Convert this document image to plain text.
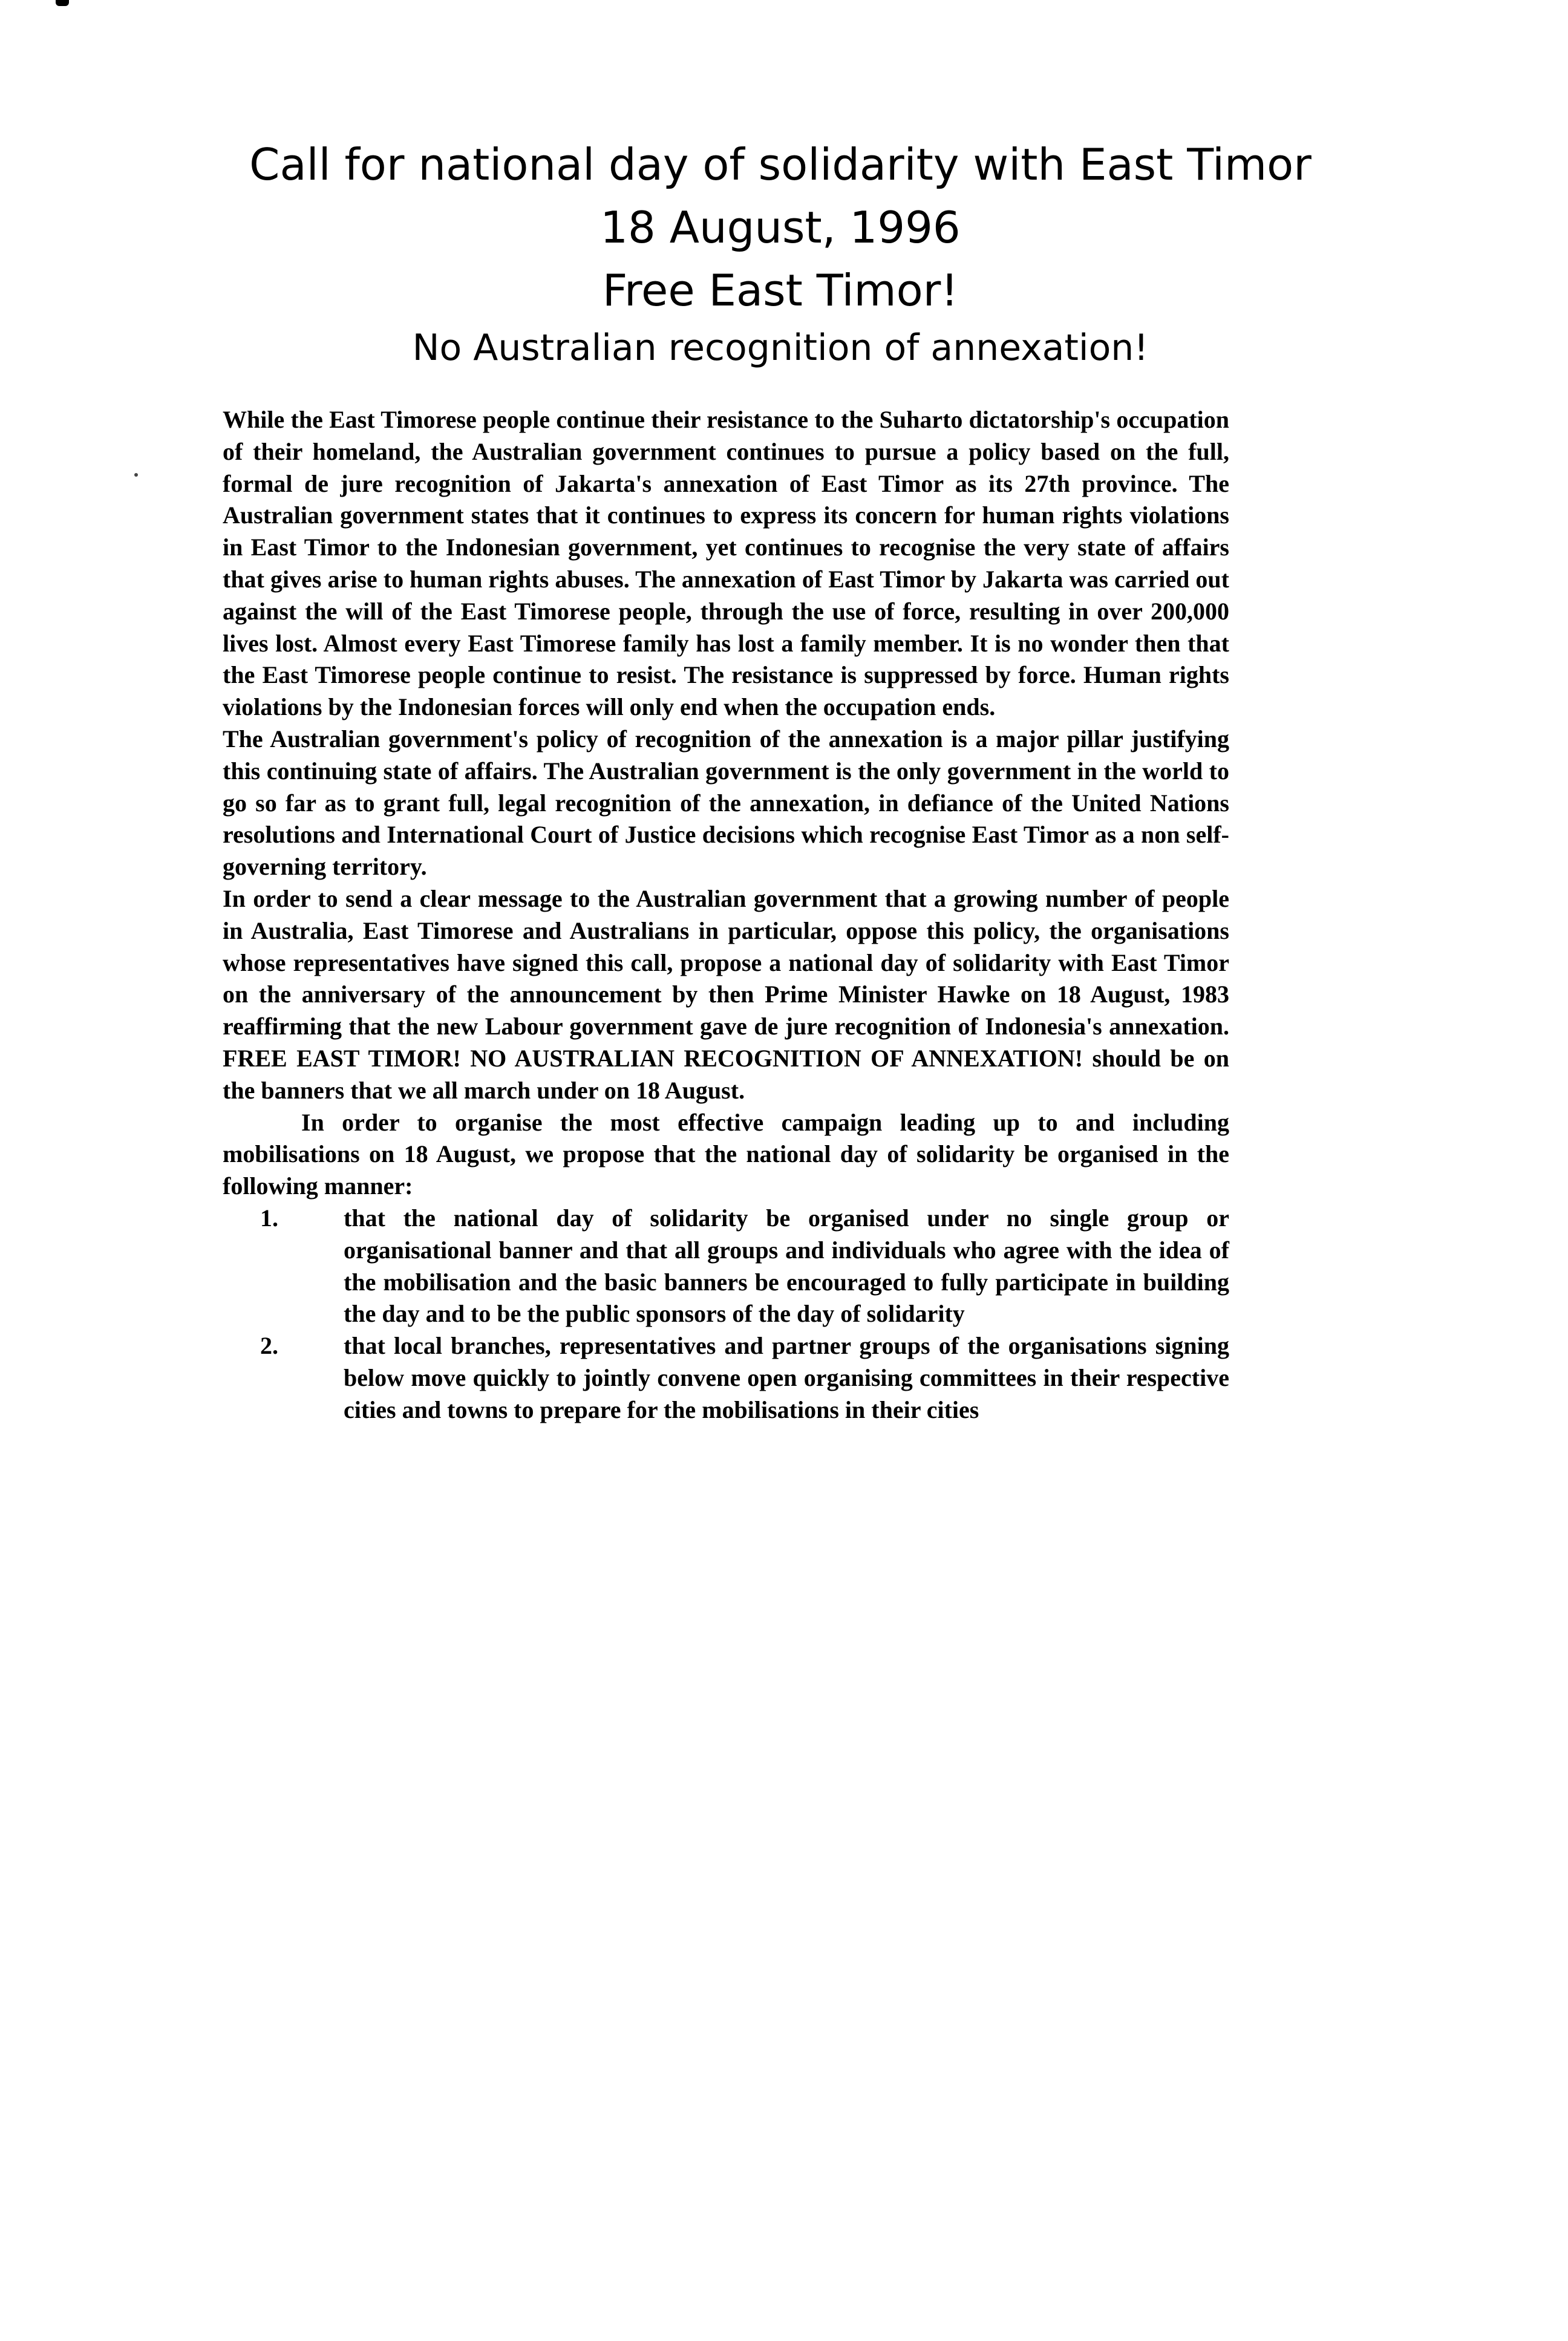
Call for national day of solidarity with East Timor
18 August, 1996
Free East Timor!
No Australian recognition of annexation!

While the East Timorese people continue their resistance to the Suharto dictatorship's occupation of their homeland, the Australian government continues to pursue a policy based on the full, formal de jure recognition of Jakarta's annexation of East Timor as its 27th province. The Australian government states that it continues to express its concern for human rights violations in East Timor to the Indonesian government, yet continues to recognise the very state of affairs that gives arise to human rights abuses. The annexation of East Timor by Jakarta was carried out against the will of the East Timorese people, through the use of force, resulting in over 200,000 lives lost. Almost every East Timorese family has lost a family member. It is no wonder then that the East Timorese people continue to resist. The resistance is suppressed by force. Human rights violations by the Indonesian forces will only end when the occupation ends.

The Australian government's policy of recognition of the annexation is a major pillar justifying this continuing state of affairs. The Australian government is the only government in the world to go so far as to grant full, legal recognition of the annexation, in defiance of the United Nations resolutions and International Court of Justice decisions which recognise East Timor as a non self-governing territory.

In order to send a clear message to the Australian government that a growing number of people in Australia, East Timorese and Australians in particular, oppose this policy, the organisations whose representatives have signed this call, propose a national day of solidarity with East Timor on the anniversary of the announcement by then Prime Minister Hawke on 18 August, 1983 reaffirming that the new Labour government gave de jure recognition of Indonesia's annexation. FREE EAST TIMOR! NO AUSTRALIAN RECOGNITION OF ANNEXATION! should be on the banners that we all march under on 18 August.

In order to organise the most effective campaign leading up to and including mobilisations on 18 August, we propose that the national day of solidarity be organised in the following manner:

1.	that the national day of solidarity be organised under no single group or organisational banner and that all groups and individuals who agree with the idea of the mobilisation and the basic banners be encouraged to fully participate in building the day and to be the public sponsors of the day of solidarity
2.	that local branches, representatives and partner groups of the organisations signing below move quickly to jointly convene open organising committees in their respective cities and towns to prepare for the mobilisations in their cities
